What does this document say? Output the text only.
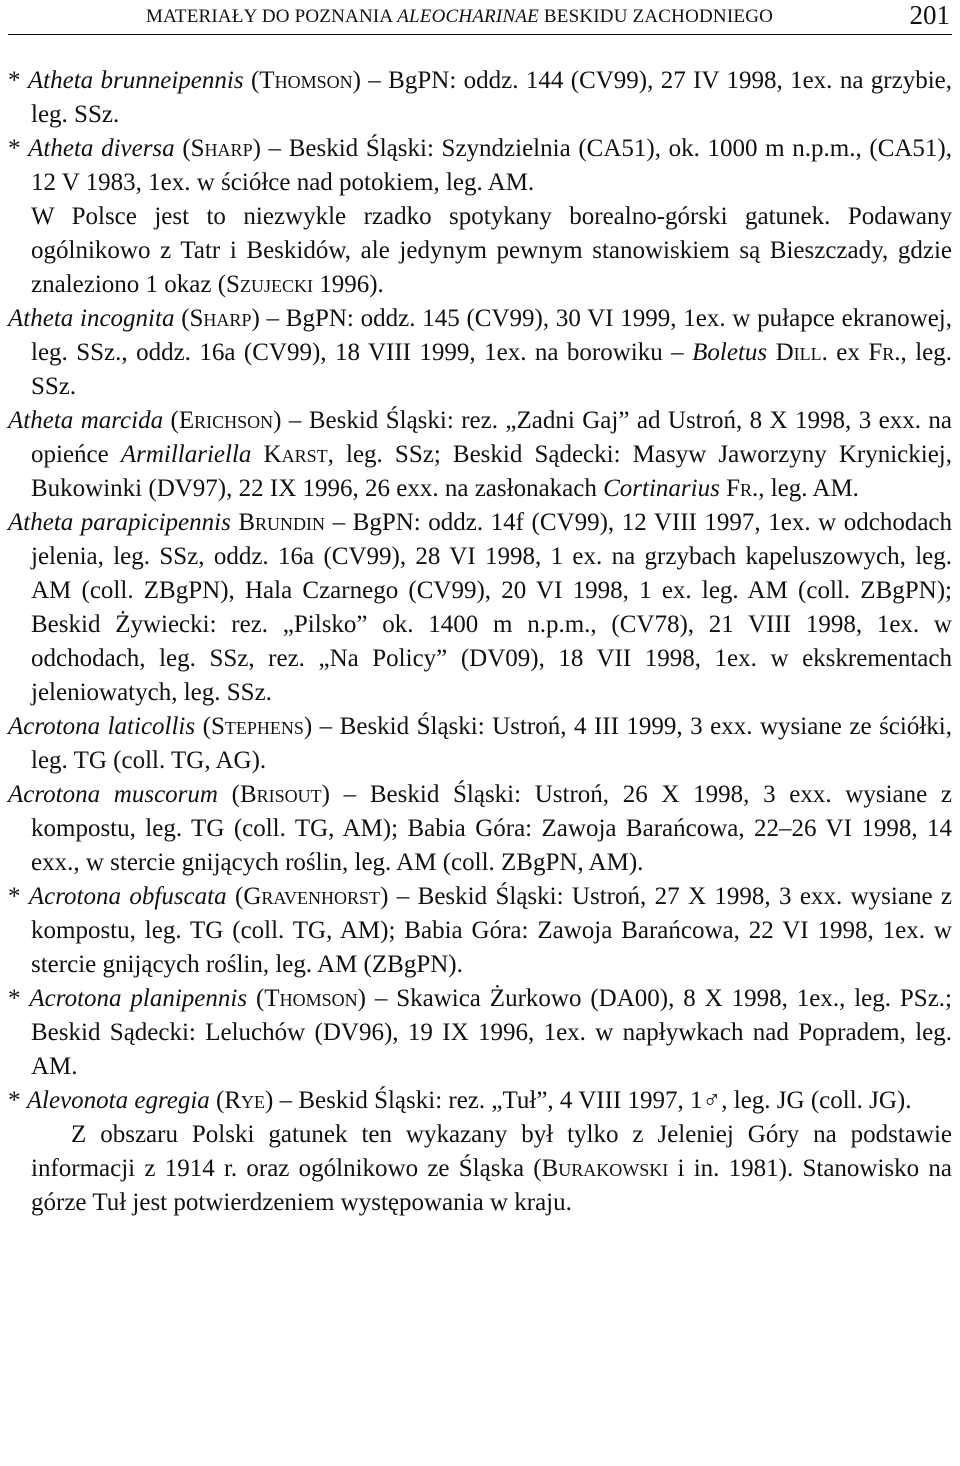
MATERIAŁY DO POZNANIA ALEOCHARINAE BESKIDU ZACHODNIEGO	201

* Atheta brunneipennis (Thomson) – BgPN: oddz. 144 (CV99), 27 IV 1998, 1ex. na grzybie, leg. SSz.

* Atheta diversa (Sharp) – Beskid Śląski: Szyndzielnia (CA51), ok. 1000 m n.p.m., (CA51), 12 V 1983, 1ex. w ściółce nad potokiem, leg. AM.

W Polsce jest to niezwykle rzadko spotykany borealno-górski gatunek. Podawany ogólnikowo z Tatr i Beskidów, ale jedynym pewnym stanowiskiem są Bieszczady, gdzie znaleziono 1 okaz (Szujecki 1996).

Atheta incognita (Sharp) – BgPN: oddz. 145 (CV99), 30 VI 1999, 1ex. w pułapce ekranowej, leg. SSz., oddz. 16a (CV99), 18 VIII 1999, 1ex. na borowiku – Boletus Dill. ex Fr., leg. SSz.

Atheta marcida (Erichson) – Beskid Śląski: rez. „Zadni Gaj” ad Ustroń, 8 X 1998, 3 exx. na opieńce Armillariella Karst, leg. SSz; Beskid Sądecki: Masyw Jaworzyny Krynickiej, Bukowinki (DV97), 22 IX 1996, 26 exx. na zasłonakach Cortinarius Fr., leg. AM.

Atheta parapicipennis Brundin – BgPN: oddz. 14f (CV99), 12 VIII 1997, 1ex. w odchodach jelenia, leg. SSz, oddz. 16a (CV99), 28 VI 1998, 1 ex. na grzybach kapeluszowych, leg. AM (coll. ZBgPN), Hala Czarnego (CV99), 20 VI 1998, 1 ex. leg. AM (coll. ZBgPN); Beskid Żywiecki: rez. „Pilsko” ok. 1400 m n.p.m., (CV78), 21 VIII 1998, 1ex. w odchodach, leg. SSz, rez. „Na Policy” (DV09), 18 VII 1998, 1ex. w ekskrementach jeleniowatych, leg. SSz.

Acrotona laticollis (Stephens) – Beskid Śląski: Ustroń, 4 III 1999, 3 exx. wysiane ze ściółki, leg. TG (coll. TG, AG).

Acrotona muscorum (Brisout) – Beskid Śląski: Ustroń, 26 X 1998, 3 exx. wysiane z kompostu, leg. TG (coll. TG, AM); Babia Góra: Zawoja Barańcowa, 22–26 VI 1998, 14 exx., w stercie gnijących roślin, leg. AM (coll. ZBgPN, AM).

* Acrotona obfuscata (Gravenhorst) – Beskid Śląski: Ustroń, 27 X 1998, 3 exx. wysiane z kompostu, leg. TG (coll. TG, AM); Babia Góra: Zawoja Barańcowa, 22 VI 1998, 1ex. w stercie gnijących roślin, leg. AM (ZBgPN).

* Acrotona planipennis (Thomson) – Skawica Żurkowo (DA00), 8 X 1998, 1ex., leg. PSz.; Beskid Sądecki: Leluchów (DV96), 19 IX 1996, 1ex. w napływkach nad Popradem, leg. AM.

* Alevonota egregia (Rye) – Beskid Śląski: rez. „Tuł”, 4 VIII 1997, 1♂, leg. JG (coll. JG).

Z obszaru Polski gatunek ten wykazany był tylko z Jeleniej Góry na podstawie informacji z 1914 r. oraz ogólnikowo ze Śląska (Burakowski i in. 1981). Stanowisko na górze Tuł jest potwierdzeniem występowania w kraju.
